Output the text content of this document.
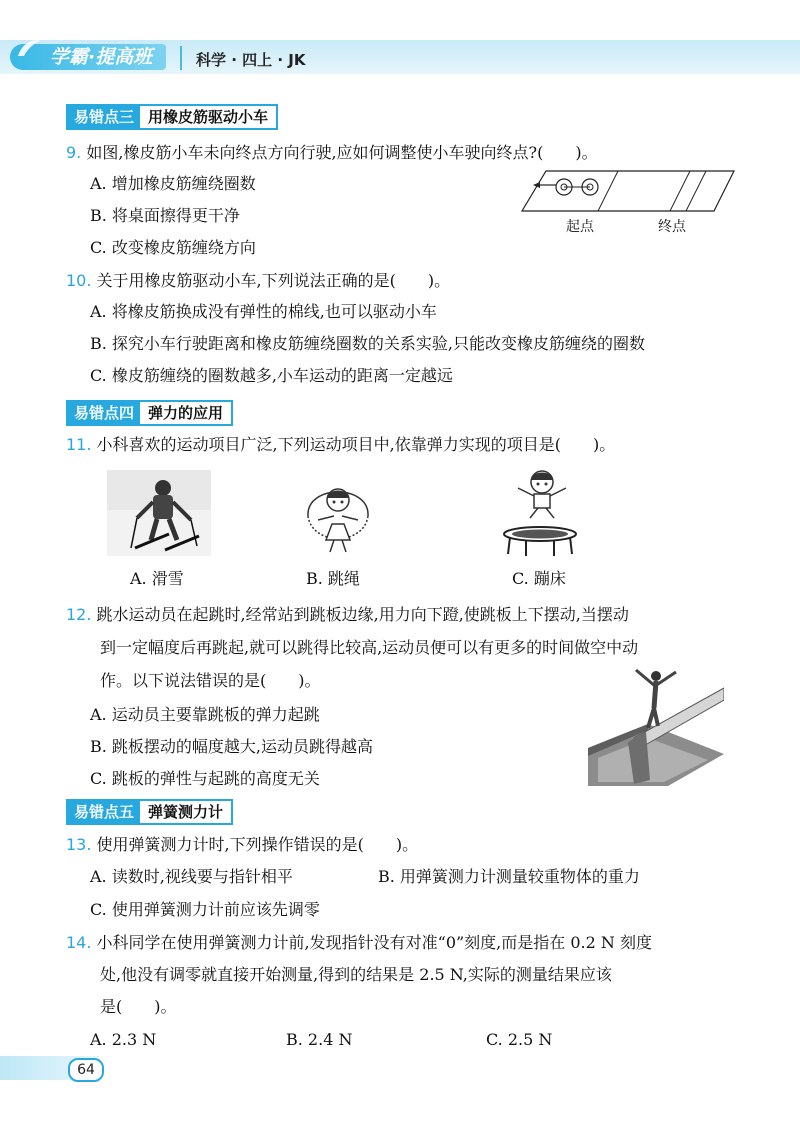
学霸·提高班	科学 · 四上 · JK
易错点三 用橡皮筋驱动小车
9. 如图,橡皮筋小车未向终点方向行驶,应如何调整使小车驶向终点?(　　)。
A. 增加橡皮筋缠绕圈数
B. 将桌面擦得更干净
C. 改变橡皮筋缠绕方向
起点	终点
10. 关于用橡皮筋驱动小车,下列说法正确的是(　　)。
A. 将橡皮筋换成没有弹性的棉线,也可以驱动小车
B. 探究小车行驶距离和橡皮筋缠绕圈数的关系实验,只能改变橡皮筋缠绕的圈数
C. 橡皮筋缠绕的圈数越多,小车运动的距离一定越远
易错点四 弹力的应用
11. 小科喜欢的运动项目广泛,下列运动项目中,依靠弹力实现的项目是(　　)。
A. 滑雪	B. 跳绳	C. 蹦床
12. 跳水运动员在起跳时,经常站到跳板边缘,用力向下蹬,使跳板上下摆动,当摆动
到一定幅度后再跳起,就可以跳得比较高,运动员便可以有更多的时间做空中动
作。以下说法错误的是(　　)。
A. 运动员主要靠跳板的弹力起跳
B. 跳板摆动的幅度越大,运动员跳得越高
C. 跳板的弹性与起跳的高度无关
易错点五 弹簧测力计
13. 使用弹簧测力计时,下列操作错误的是(　　)。
A. 读数时,视线要与指针相平	B. 用弹簧测力计测量较重物体的重力
C. 使用弹簧测力计前应该先调零
14. 小科同学在使用弹簧测力计前,发现指针没有对准“0”刻度,而是指在 0.2 N 刻度
处,他没有调零就直接开始测量,得到的结果是 2.5 N,实际的测量结果应该
是(　　)。
A. 2.3 N	B. 2.4 N	C. 2.5 N
64
